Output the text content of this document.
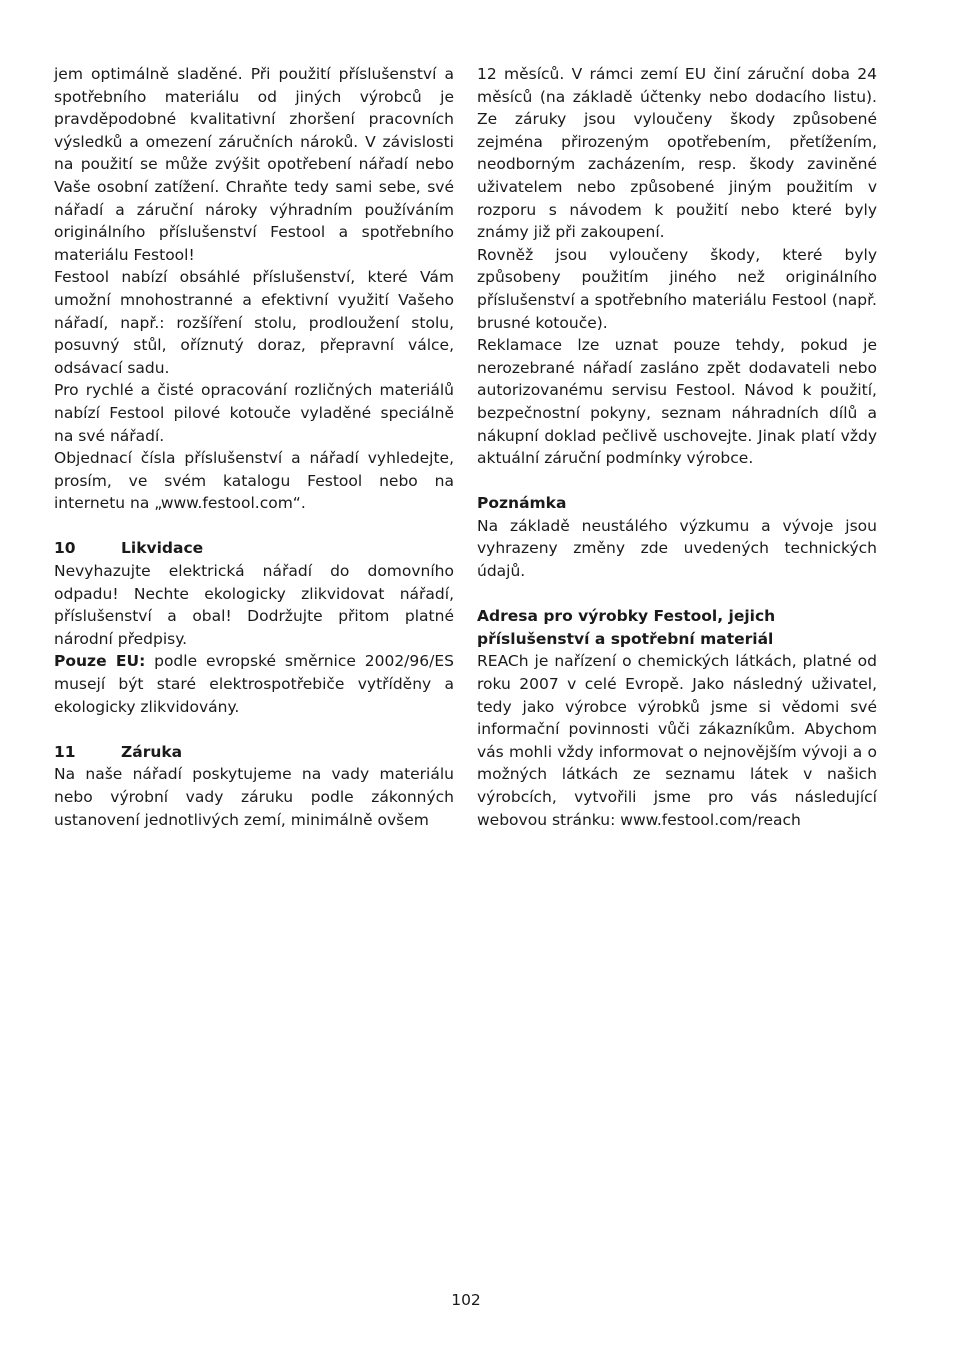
jem optimálně sladěné. Při použití příslušenství a spotřebního materiálu od jiných výrobců je pravděpodobné kvalitativní zhoršení pracovních výsledků a omezení záručních nároků. V závislosti na použití se může zvýšit opotřebení nářadí nebo Vaše osobní zatížení. Chraňte tedy sami sebe, své nářadí a záruční nároky výhradním používáním originálního příslušenství Festool a spotřebního materiálu Festool!

Festool nabízí obsáhlé příslušenství, které Vám umožní mnohostranné a efektivní využití Vašeho nářadí, např.: rozšíření stolu, prodloužení stolu, posuvný stůl, oříznutý doraz, přepravní válce, odsávací sadu.

Pro rychlé a čisté opracování rozličných materiálů nabízí Festool pilové kotouče vyladěné speciálně na své nářadí.

Objednací čísla příslušenství a nářadí vyhledejte, prosím, ve svém katalogu Festool nebo na internetu na „www.festool.com“.

10	Likvidace

Nevyhazujte elektrická nářadí do domovního odpadu! Nechte ekologicky zlikvidovat nářadí, příslušenství a obal! Dodržujte přitom platné národní předpisy.

Pouze EU: podle evropské směrnice 2002/96/ES musejí být staré elektrospotřebiče vytříděny a ekologicky zlikvidovány.

11	Záruka

Na naše nářadí poskytujeme na vady materiálu nebo výrobní vady záruku podle zákonných ustanovení jednotlivých zemí, minimálně ovšem

12 měsíců. V rámci zemí EU činí záruční doba 24 měsíců (na základě účtenky nebo dodacího listu). Ze záruky jsou vyloučeny škody způsobené zejména přirozeným opotřebením, přetížením, neodborným zacházením, resp. škody zaviněné uživatelem nebo způsobené jiným použitím v rozporu s návodem k použití nebo které byly známy již při zakoupení.

Rovněž jsou vyloučeny škody, které byly způsobeny použitím jiného než originálního příslušenství a spotřebního materiálu Festool (např. brusné kotouče).

Reklamace lze uznat pouze tehdy, pokud je nerozebrané nářadí zasláno zpět dodavateli nebo autorizovanému servisu Festool. Návod k použití, bezpečnostní pokyny, seznam náhradních dílů a nákupní doklad pečlivě uschovejte. Jinak platí vždy aktuální záruční podmínky výrobce.

Poznámka

Na základě neustálého výzkumu a vývoje jsou vyhrazeny změny zde uvedených technických údajů.

Adresa pro výrobky Festool, jejich příslušenství a spotřební materiál

REACh je nařízení o chemických látkách, platné od roku 2007 v celé Evropě. Jako následný uživatel, tedy jako výrobce výrobků jsme si vědomi své informační povinnosti vůči zákazníkům. Abychom vás mohli vždy informovat o nejnovějším vývoji a o možných látkách ze seznamu látek v našich výrobcích, vytvořili jsme pro vás následující webovou stránku: www.festool.com/reach

102
